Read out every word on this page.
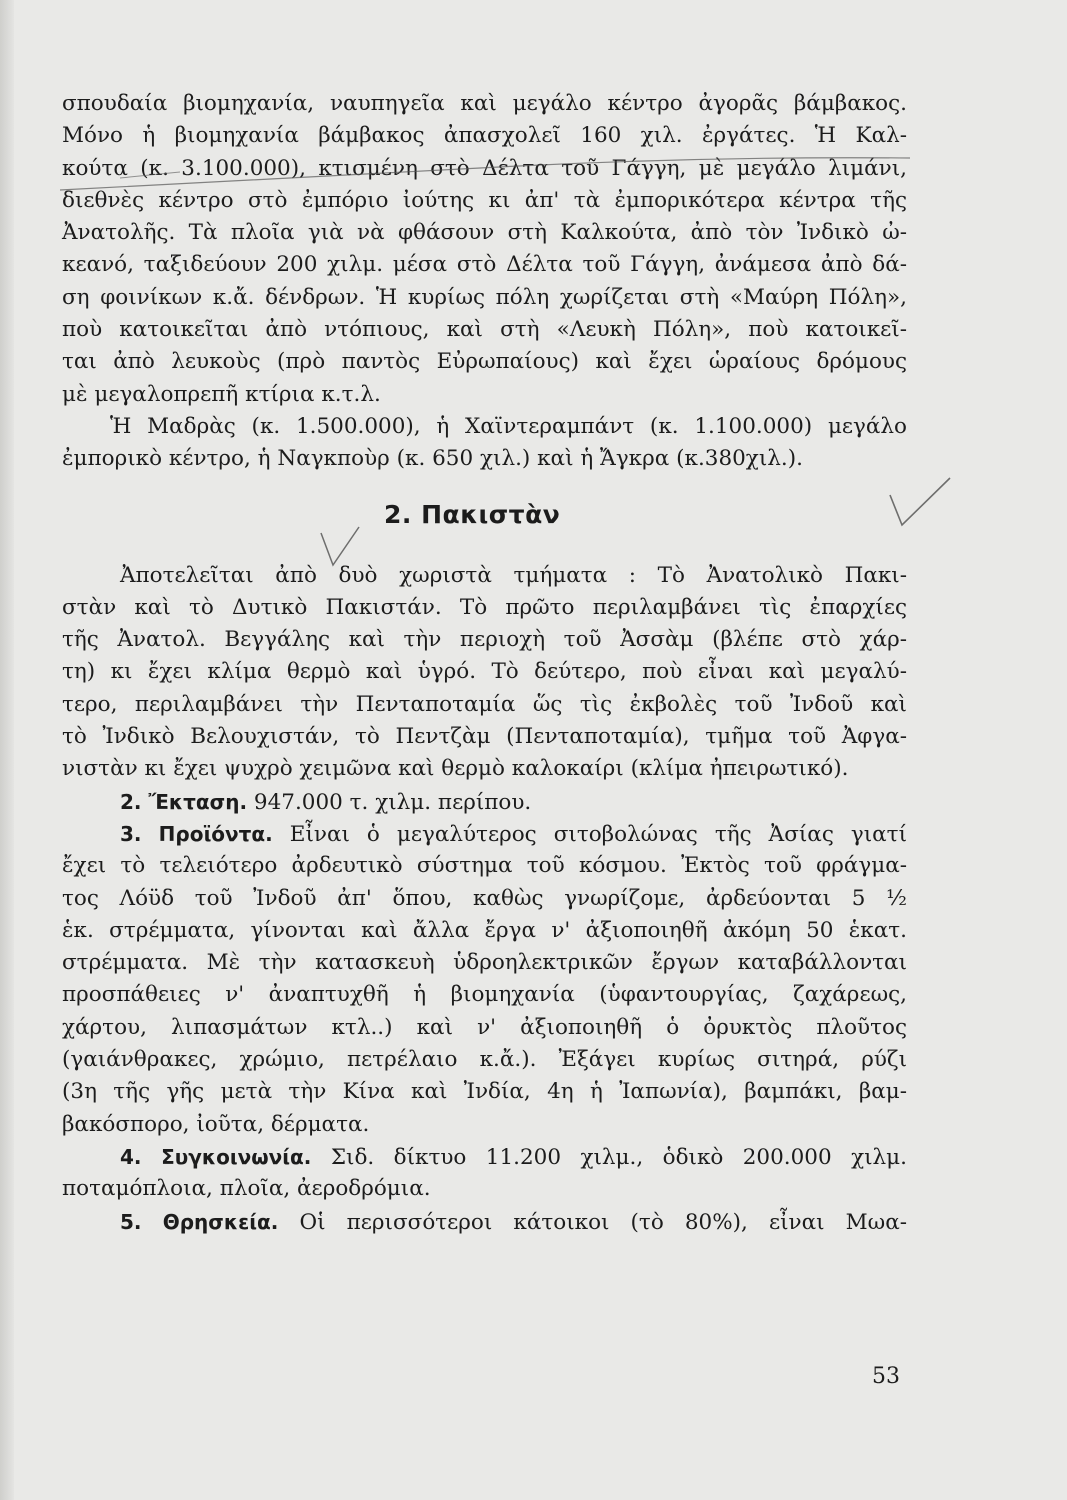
σπουδαία βιομηχανία, ναυπηγεῖα καὶ μεγάλο κέντρο ἀγορᾶς βάμβακος.
Μόνο ἡ βιομηχανία βάμβακος ἀπασχολεῖ 160 χιλ. ἐργάτες. Ἡ Καλ-
κούτα (κ. 3.100.000), κτισμένη στὸ Δέλτα τοῦ Γάγγη, μὲ μεγάλο λιμάνι,
διεθνὲς κέντρο στὸ ἐμπόριο ἰούτης κι ἀπ' τὰ ἐμπορικότερα κέντρα τῆς
Ἀνατολῆς. Τὰ πλοῖα γιὰ νὰ φθάσουν στὴ Καλκούτα, ἀπὸ τὸν Ἰνδικὸ ὠ-
κεανό, ταξιδεύουν 200 χιλμ. μέσα στὸ Δέλτα τοῦ Γάγγη, ἀνάμεσα ἀπὸ δά-
ση φοινίκων κ.ἄ. δένδρων. Ἡ κυρίως πόλη χωρίζεται στὴ «Μαύρη Πόλη»,
ποὺ κατοικεῖται ἀπὸ ντόπιους, καὶ στὴ «Λευκὴ Πόλη», ποὺ κατοικεῖ-
ται ἀπὸ λευκοὺς (πρὸ παντὸς Εὐρωπαίους) καὶ ἔχει ὡραίους δρόμους
μὲ μεγαλοπρεπῆ κτίρια κ.τ.λ.
Ἡ Μαδρὰς (κ. 1.500.000), ἡ Χαϊντεραμπάντ (κ. 1.100.000) μεγάλο
ἐμπορικὸ κέντρο, ἡ Ναγκποὺρ (κ. 650 χιλ.) καὶ ἡ Ἄγκρα (κ.380χιλ.).
2. Πακιστὰν
Ἀποτελεῖται ἀπὸ δυὸ χωριστὰ τμήματα : Τὸ Ἀνατολικὸ Πακι-
στὰν καὶ τὸ Δυτικὸ Πακιστάν. Τὸ πρῶτο περιλαμβάνει τὶς ἐπαρχίες
τῆς Ἀνατολ. Βεγγάλης καὶ τὴν περιοχὴ τοῦ Ἀσσὰμ (βλέπε στὸ χάρ-
τη) κι ἔχει κλίμα θερμὸ καὶ ὑγρό. Τὸ δεύτερο, ποὺ εἶναι καὶ μεγαλύ-
τερο, περιλαμβάνει τὴν Πενταποταμία ὥς τὶς ἐκβολὲς τοῦ Ἰνδοῦ καὶ
τὸ Ἰνδικὸ Βελουχιστάν, τὸ Πεντζὰμ (Πενταποταμία), τμῆμα τοῦ Ἀφγα-
νιστὰν κι ἔχει ψυχρὸ χειμῶνα καὶ θερμὸ καλοκαίρι (κλίμα ἠπειρωτικό).
2. Ἔκταση. 947.000 τ. χιλμ. περίπου.
3. Προϊόντα. Εἶναι ὁ μεγαλύτερος σιτοβολώνας τῆς Ἀσίας γιατί
ἔχει τὸ τελειότερο ἀρδευτικὸ σύστημα τοῦ κόσμου. Ἐκτὸς τοῦ φράγμα-
τος Λόϋδ τοῦ Ἰνδοῦ ἀπ' ὅπου, καθὼς γνωρίζομε, ἀρδεύονται 5 ½
ἑκ. στρέμματα, γίνονται καὶ ἄλλα ἔργα ν' ἀξιοποιηθῆ ἀκόμη 50 ἑκατ.
στρέμματα. Μὲ τὴν κατασκευὴ ὑδροηλεκτρικῶν ἔργων καταβάλλονται
προσπάθειες ν' ἀναπτυχθῆ ἡ βιομηχανία (ὑφαντουργίας, ζαχάρεως,
χάρτου, λιπασμάτων κτλ..) καὶ ν' ἀξιοποιηθῆ ὁ ὀρυκτὸς πλοῦτος
(γαιάνθρακες, χρώμιο, πετρέλαιο κ.ἄ.). Ἐξάγει κυρίως σιτηρά, ρύζι
(3η τῆς γῆς μετὰ τὴν Κίνα καὶ Ἰνδία, 4η ἡ Ἰαπωνία), βαμπάκι, βαμ-
βακόσπορο, ἰοῦτα, δέρματα.
4. Συγκοινωνία. Σιδ. δίκτυο 11.200 χιλμ., ὁδικὸ 200.000 χιλμ.
ποταμόπλοια, πλοῖα, ἀεροδρόμια.
5. Θρησκεία. Οἱ περισσότεροι κάτοικοι (τὸ 80%), εἶναι Μωα-
53
